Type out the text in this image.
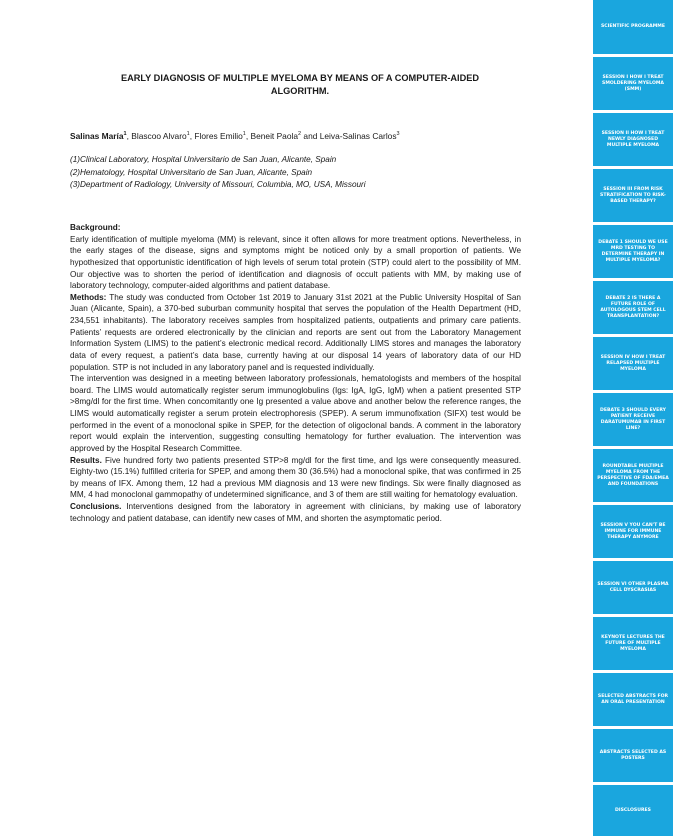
EARLY DIAGNOSIS OF MULTIPLE MYELOMA BY MEANS OF A COMPUTER-AIDED ALGORITHM.
Salinas María$^1$, Blascoo Alvaro$^1$, Flores Emilio$^1$, Beneit Paola$^2$ and Leiva-Salinas Carlos$^3$
(1)Clinical Laboratory, Hospital Universitario de San Juan, Alicante, Spain
(2)Hematology, Hospital Universitario de San Juan, Alicante, Spain
(3)Department of Radiology, University of Missouri, Columbia, MO, USA, Missouri

Background:

Early identification of multiple myeloma (MM) is relevant, since it often allows for more treatment options. Nevertheless, in the early stages of the disease, signs and symptoms might be noticed only by a small proportion of patients. We hypothesized that opportunistic identification of high levels of serum total protein (STP) could alert to the possibility of MM. Our objective was to shorten the period of identification and diagnosis of occult patients with MM, by making use of laboratory technology, computer-aided algorithms and patient database.

Methods: The study was conducted from October 1st 2019 to January 31st 2021 at the Public University Hospital of San Juan (Alicante, Spain), a 370-bed suburban community hospital that serves the population of the Health Department (HD, 234,551 inhabitants). The laboratory receives samples from hospitalized patients, outpatients and primary care patients. Patients’ requests are ordered electronically by the clinician and reports are sent out from the Laboratory Management Information System (LIMS) to the patient’s electronic medical record. Additionally LIMS stores and manages the laboratory data of every request, a patient’s data base, currently having at our disposal 14 years of laboratory data of our HD population. STP is not included in any laboratory panel and is requested individually.

The intervention was designed in a meeting between laboratory professionals, hematologists and members of the hospital board. The LIMS would automatically register serum immunoglobulins (Igs: IgA, IgG, IgM) when a patient presented STP >8mg/dl for the first time. When concomitantly one Ig presented a value above and another below the reference ranges, the LIMS would automatically register a serum protein electrophoresis (SPEP). A serum immunofixation (SIFX) test would be performed in the event of a monoclonal spike in SPEP, for the detection of oligoclonal bands. A comment in the laboratory report would explain the intervention, suggesting consulting hematology for further evaluation. The intervention was approved by the Hospital Research Committee.

Results. Five hundred forty two patients presented STP>8 mg/dl for the first time, and Igs were consequently measured. Eighty-two (15.1%) fulfilled criteria for SPEP, and among them 30 (36.5%) had a monoclonal spike, that was confirmed in 25 by means of IFX. Among them, 12 had a previous MM diagnosis and 13 were new findings. Six were finally diagnosed as MM, 4 had monoclonal gammopathy of undetermined significance, and 3 of them are still waiting for hematology evaluation.

Conclusions. Interventions designed from the laboratory in agreement with clinicians, by making use of laboratory technology and patient database, can identify new cases of MM, and shorten the asymptomatic period.

SCIENTIFIC PROGRAMME
SESSION I HOW I TREAT SMOLDERING MYELOMA (SMM)
SESSION II HOW I TREAT NEWLY DIAGNOSED MULTIPLE MYELOMA
SESSION III FROM RISK STRATIFICATION TO RISK-BASED THERAPY?
DEBATE 1 SHOULD WE USE MRD TESTING TO DETERMINE THERAPY IN MULTIPLE MYELOMA?
DEBATE 2 IS THERE A FUTURE ROLE OF AUTOLOGOUS STEM CELL TRANSPLANTATION?
SESSION IV HOW I TREAT RELAPSED MULTIPLE MYELOMA
DEBATE 3 SHOULD EVERY PATIENT RECEIVE DARATUMUMAB IN FIRST LINE?
ROUNDTABLE MULTIPLE MYELOMA FROM THE PERSPECTIVE OF FDA/EMEA AND FOUNDATIONS
SESSION V YOU CAN'T BE IMMUNE FOR IMMUNE THERAPY ANYMORE
SESSION VI OTHER PLASMA CELL DYSCRASIAS
KEYNOTE LECTURES THE FUTURE OF MULTIPLE MYELOMA
SELECTED ABSTRACTS FOR AN ORAL PRESENTATION
ABSTRACTS SELECTED AS POSTERS
DISCLOSURES
